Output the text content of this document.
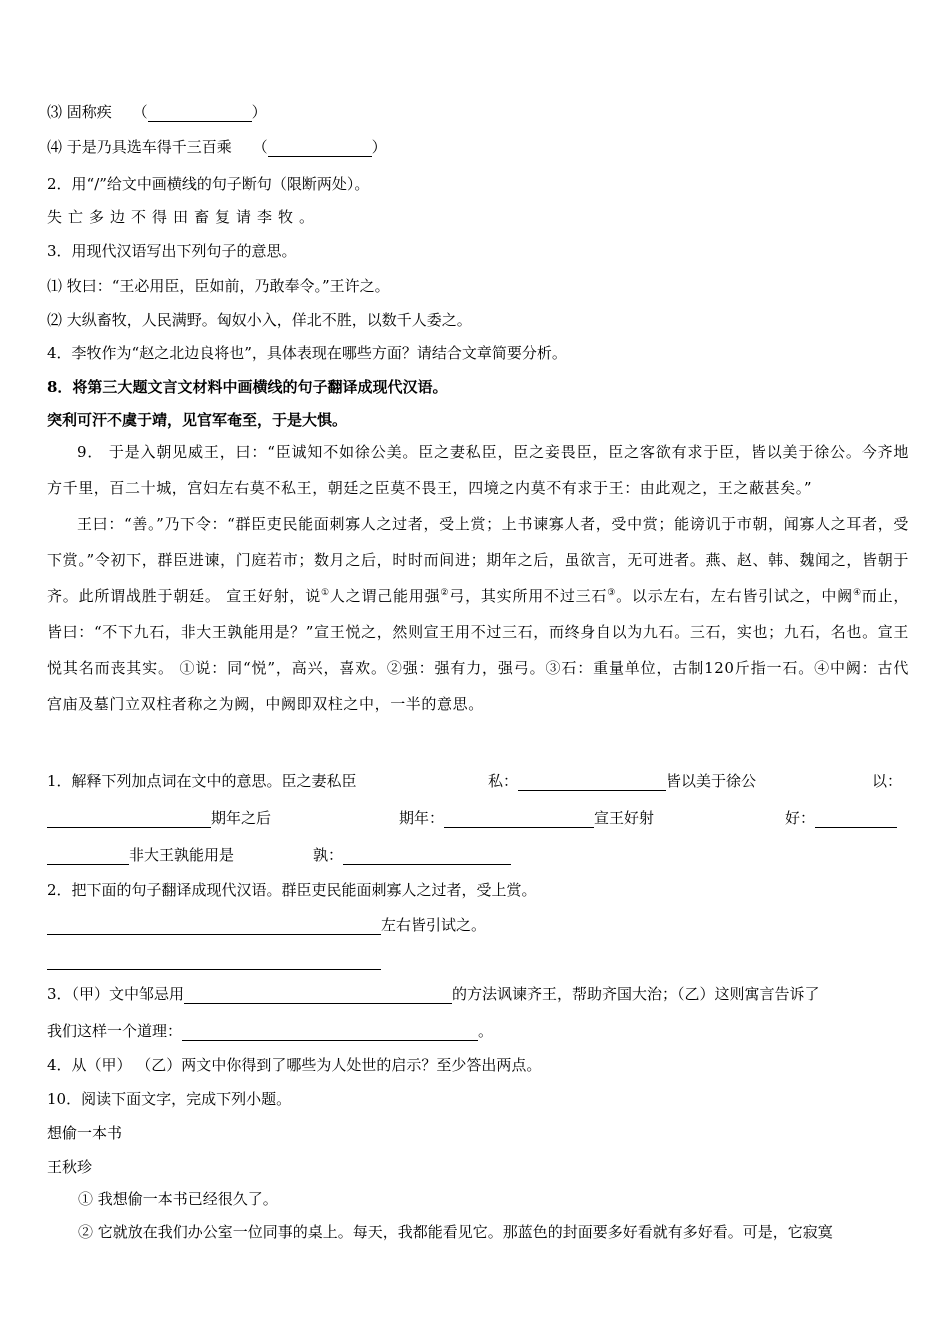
⑶ 固称疾 （	）
⑷ 于是乃具选车得千三百乘 （	）
2．用“/”给文中画横线的句子断句（限断两处）。
失亡多边不得田畜复请李牧。
3．用现代汉语写出下列句子的意思。
⑴ 牧曰：“王必用臣，臣如前，乃敢奉令。”王许之。
⑵ 大纵畜牧，人民满野。匈奴小入，佯北不胜，以数千人委之。
4．李牧作为“赵之北边良将也”，具体表现在哪些方面？请结合文章简要分析。
8．将第三大题文言文材料中画横线的句子翻译成现代汉语。
突利可汗不虞于靖，见官军奄至，于是大惧。

9． 于是入朝见威王，曰：“臣诚知不如徐公美。臣之妻私臣，臣之妾畏臣，臣之客欲有求于臣，皆以美于徐公。今齐地方千里，百二十城，宫妇左右莫不私王，朝廷之臣莫不畏王，四境之内莫不有求于王：由此观之，王之蔽甚矣。”

王曰：“善。”乃下令：“群臣吏民能面刺寡人之过者，受上赏；上书谏寡人者，受中赏；能谤讥于市朝，闻寡人之耳者，受下赏。”令初下，群臣进谏，门庭若市；数月之后，时时而间进；期年之后，虽欲言，无可进者。燕、赵、韩、魏闻之，皆朝于齐。此所谓战胜于朝廷。 宣王好射，说①人之谓己能用强②弓，其实所用不过三石③。以示左右，左右皆引试之，中阙④而止，皆曰：“不下九石，非大王孰能用是？”宣王悦之，然则宣王用不过三石，而终身自以为九石。三石，实也；九石，名也。宣王悦其名而丧其实。 ①说：同“悦”，高兴，喜欢。②强：强有力，强弓。③石：重量单位，古制120斤指一石。④中阙：古代宫庙及墓门立双柱者称之为阙，中阙即双柱之中，一半的意思。

1．解释下列加点词在文中的意思。臣之妻私臣	私：	皆以美于徐公	以：
期年之后	期年：	宣王好射	好：
非大王孰能用是	孰：
2．把下面的句子翻译成现代汉语。群臣吏民能面刺寡人之过者，受上赏。
左右皆引试之。
3．（甲）文中邹忌用	的方法讽谏齐王，帮助齐国大治；（乙）这则寓言告诉了
我们这样一个道理：	。
4．从（甲） （乙）两文中你得到了哪些为人处世的启示？至少答出两点。
10．阅读下面文字，完成下列小题。
想偷一本书
王秋珍
① 我想偷一本书已经很久了。
② 它就放在我们办公室一位同事的桌上。每天，我都能看见它。那蓝色的封面要多好看就有多好看。可是，它寂寞
